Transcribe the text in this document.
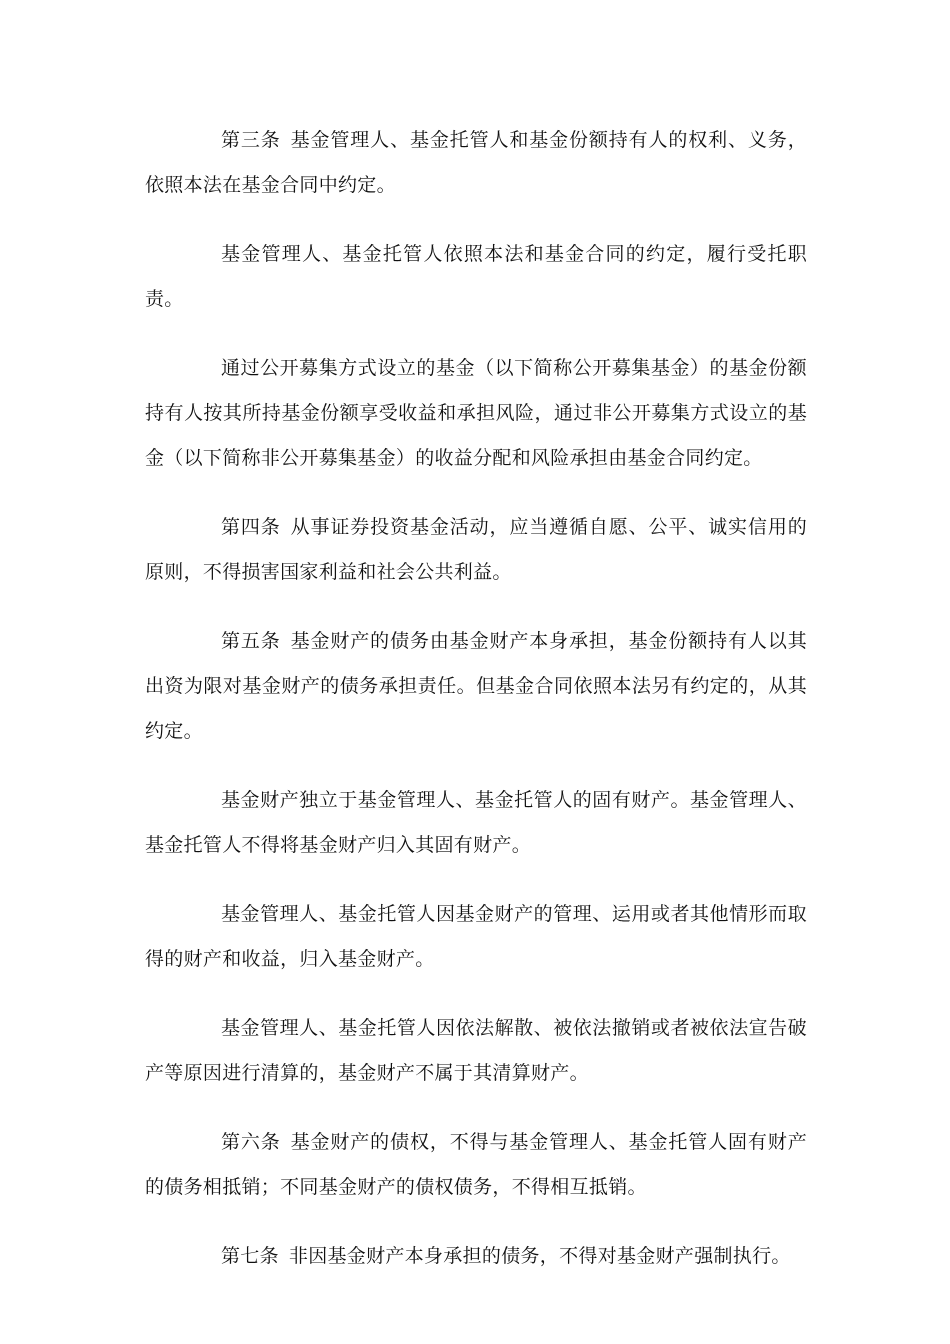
第三条 基金管理人、基金托管人和基金份额持有人的权利、义务，依照本法在基金合同中约定。

基金管理人、基金托管人依照本法和基金合同的约定，履行受托职责。

通过公开募集方式设立的基金（以下简称公开募集基金）的基金份额持有人按其所持基金份额享受收益和承担风险，通过非公开募集方式设立的基金（以下简称非公开募集基金）的收益分配和风险承担由基金合同约定。

第四条 从事证券投资基金活动，应当遵循自愿、公平、诚实信用的原则，不得损害国家利益和社会公共利益。

第五条 基金财产的债务由基金财产本身承担，基金份额持有人以其出资为限对基金财产的债务承担责任。但基金合同依照本法另有约定的，从其约定。

基金财产独立于基金管理人、基金托管人的固有财产。基金管理人、基金托管人不得将基金财产归入其固有财产。

基金管理人、基金托管人因基金财产的管理、运用或者其他情形而取得的财产和收益，归入基金财产。

基金管理人、基金托管人因依法解散、被依法撤销或者被依法宣告破产等原因进行清算的，基金财产不属于其清算财产。

第六条 基金财产的债权，不得与基金管理人、基金托管人固有财产的债务相抵销；不同基金财产的债权债务，不得相互抵销。

第七条 非因基金财产本身承担的债务，不得对基金财产强制执行。
